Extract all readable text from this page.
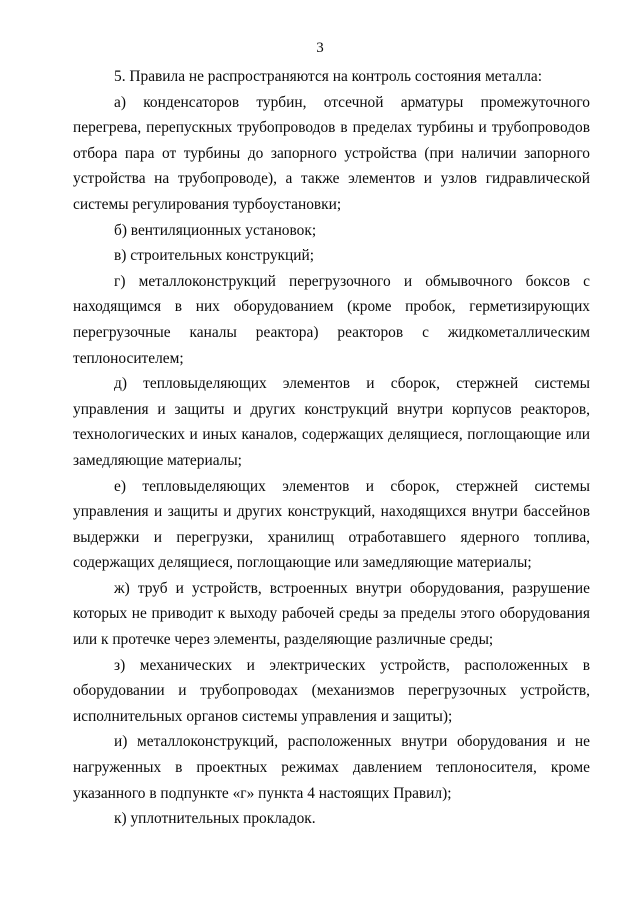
3

5. Правила не распространяются на контроль состояния металла:

а) конденсаторов турбин, отсечной арматуры промежуточного перегрева, перепускных трубопроводов в пределах турбины и трубопроводов отбора пара от турбины до запорного устройства (при наличии запорного устройства на трубопроводе), а также элементов и узлов гидравлической системы регулирования турбоустановки;

б) вентиляционных установок;

в) строительных конструкций;

г) металлоконструкций перегрузочного и обмывочного боксов с находящимся в них оборудованием (кроме пробок, герметизирующих перегрузочные каналы реактора) реакторов с жидкометаллическим теплоносителем;

д) тепловыделяющих элементов и сборок, стержней системы управления и защиты и других конструкций внутри корпусов реакторов, технологических и иных каналов, содержащих делящиеся, поглощающие или замедляющие материалы;

е) тепловыделяющих элементов и сборок, стержней системы управления и защиты и других конструкций, находящихся внутри бассейнов выдержки и перегрузки, хранилищ отработавшего ядерного топлива, содержащих делящиеся, поглощающие или замедляющие материалы;

ж) труб и устройств, встроенных внутри оборудования, разрушение которых не приводит к выходу рабочей среды за пределы этого оборудования или к протечке через элементы, разделяющие различные среды;

з) механических и электрических устройств, расположенных в оборудовании и трубопроводах (механизмов перегрузочных устройств, исполнительных органов системы управления и защиты);

и) металлоконструкций, расположенных внутри оборудования и не нагруженных в проектных режимах давлением теплоносителя, кроме указанного в подпункте «г» пункта 4 настоящих Правил);

к) уплотнительных прокладок.
